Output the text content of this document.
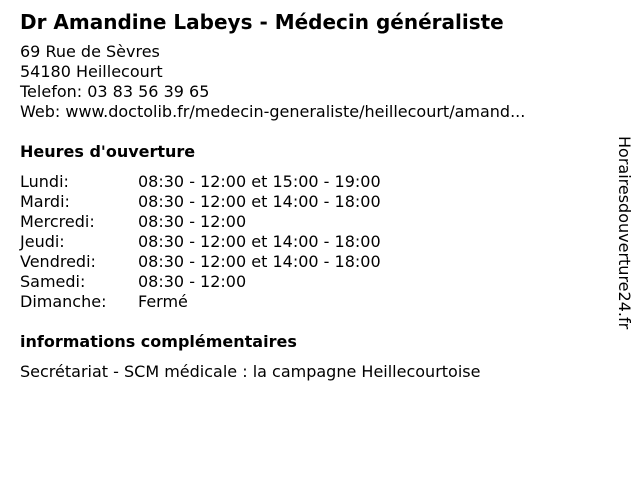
Dr Amandine Labeys - Médecin généraliste
69 Rue de Sèvres
54180 Heillecourt
Telefon: 03 83 56 39 65
Web: www.doctolib.fr/medecin-generaliste/heillecourt/amand...
Heures d'ouverture
Lundi:	08:30 - 12:00 et 15:00 - 19:00
Mardi:	08:30 - 12:00 et 14:00 - 18:00
Mercredi:	08:30 - 12:00
Jeudi:	08:30 - 12:00 et 14:00 - 18:00
Vendredi:	08:30 - 12:00 et 14:00 - 18:00
Samedi:	08:30 - 12:00
Dimanche:	Fermé
informations complémentaires
Secrétariat - SCM médicale : la campagne Heillecourtoise
Horairesdouverture24.fr
